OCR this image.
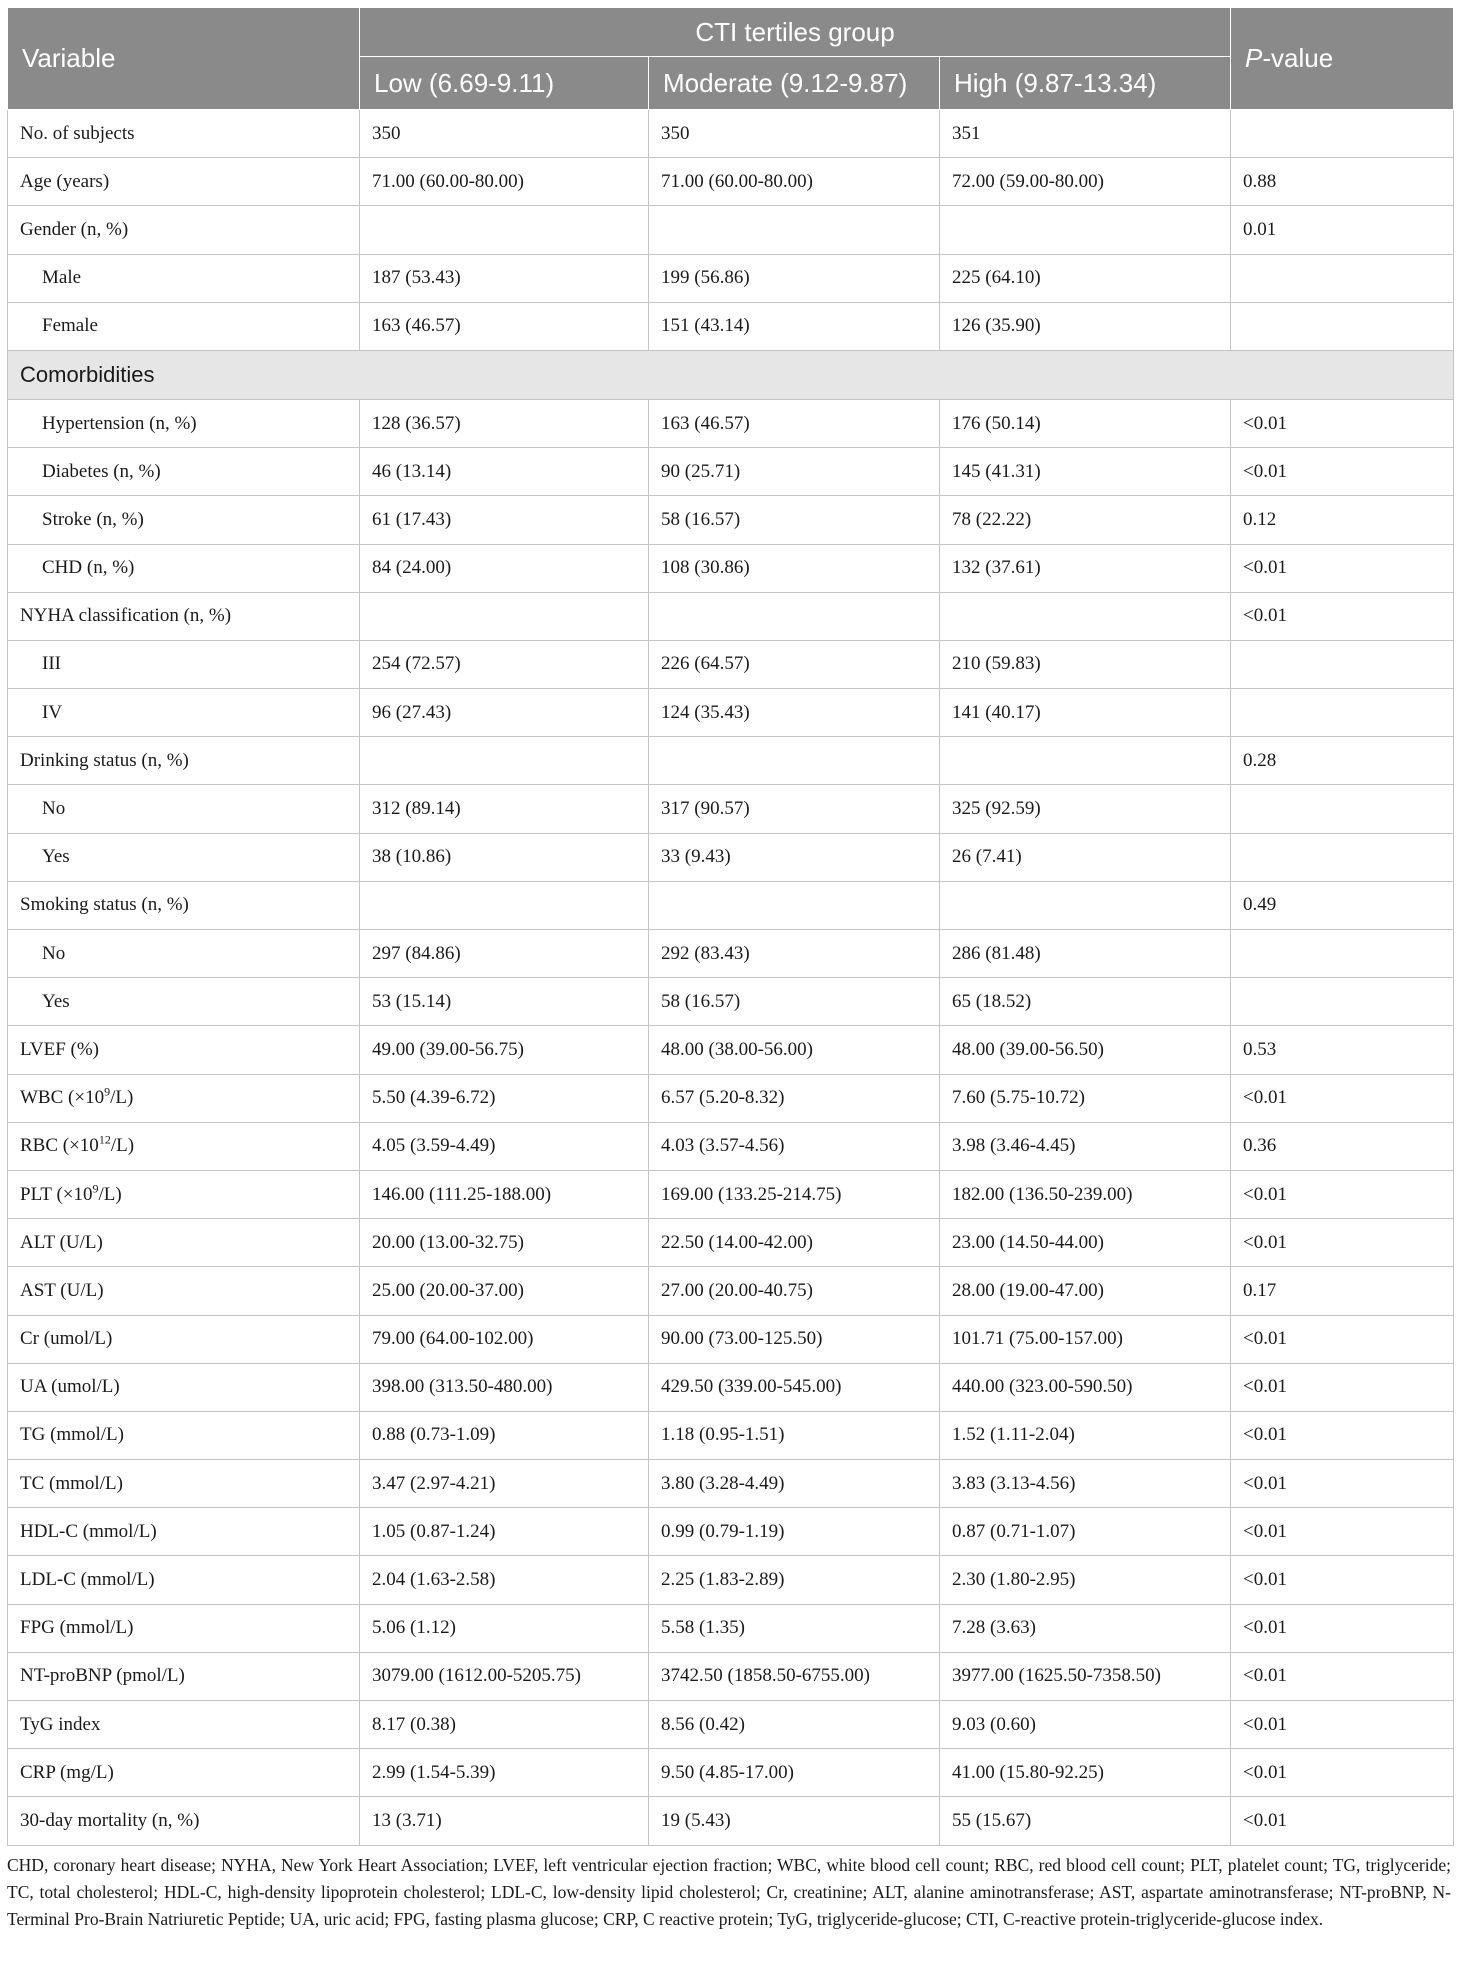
Variable	CTI tertiles group			P-value
	Low (6.69-9.11)	Moderate (9.12-9.87)	High (9.87-13.34)	
No. of subjects	350	350	351	
Age (years)	71.00 (60.00-80.00)	71.00 (60.00-80.00)	72.00 (59.00-80.00)	0.88
Gender (n, %)				0.01
Male	187 (53.43)	199 (56.86)	225 (64.10)	
Female	163 (46.57)	151 (43.14)	126 (35.90)	
Comorbidities				
Hypertension (n, %)	128 (36.57)	163 (46.57)	176 (50.14)	<0.01
Diabetes (n, %)	46 (13.14)	90 (25.71)	145 (41.31)	<0.01
Stroke (n, %)	61 (17.43)	58 (16.57)	78 (22.22)	0.12
CHD (n, %)	84 (24.00)	108 (30.86)	132 (37.61)	<0.01
NYHA classification (n, %)				<0.01
III	254 (72.57)	226 (64.57)	210 (59.83)	
IV	96 (27.43)	124 (35.43)	141 (40.17)	
Drinking status (n, %)				0.28
No	312 (89.14)	317 (90.57)	325 (92.59)	
Yes	38 (10.86)	33 (9.43)	26 (7.41)	
Smoking status (n, %)				0.49
No	297 (84.86)	292 (83.43)	286 (81.48)	
Yes	53 (15.14)	58 (16.57)	65 (18.52)	
LVEF (%)	49.00 (39.00-56.75)	48.00 (38.00-56.00)	48.00 (39.00-56.50)	0.53
WBC $(\times 10^9/L)$	5.50 (4.39-6.72)	6.57 (5.20-8.32)	7.60 (5.75-10.72)	<0.01
RBC $(\times 10^{12}/L)$	4.05 (3.59-4.49)	4.03 (3.57-4.56)	3.98 (3.46-4.45)	0.36
PLT $(\times 10^9/L)$	146.00 (111.25-188.00)	169.00 (133.25-214.75)	182.00 (136.50-239.00)	<0.01
ALT (U/L)	20.00 (13.00-32.75)	22.50 (14.00-42.00)	23.00 (14.50-44.00)	<0.01
AST (U/L)	25.00 (20.00-37.00)	27.00 (20.00-40.75)	28.00 (19.00-47.00)	0.17
Cr (umol/L)	79.00 (64.00-102.00)	90.00 (73.00-125.50)	101.71 (75.00-157.00)	<0.01
UA (umol/L)	398.00 (313.50-480.00)	429.50 (339.00-545.00)	440.00 (323.00-590.50)	<0.01
TG (mmol/L)	0.88 (0.73-1.09)	1.18 (0.95-1.51)	1.52 (1.11-2.04)	<0.01
TC (mmol/L)	3.47 (2.97-4.21)	3.80 (3.28-4.49)	3.83 (3.13-4.56)	<0.01
HDL-C (mmol/L)	1.05 (0.87-1.24)	0.99 (0.79-1.19)	0.87 (0.71-1.07)	<0.01
LDL-C (mmol/L)	2.04 (1.63-2.58)	2.25 (1.83-2.89)	2.30 (1.80-2.95)	<0.01
FPG (mmol/L)	5.06 (1.12)	5.58 (1.35)	7.28 (3.63)	<0.01
NT-proBNP (pmol/L)	3079.00 (1612.00-5205.75)	3742.50 (1858.50-6755.00)	3977.00 (1625.50-7358.50)	<0.01
TyG index	8.17 (0.38)	8.56 (0.42)	9.03 (0.60)	<0.01
CRP (mg/L)	2.99 (1.54-5.39)	9.50 (4.85-17.00)	41.00 (15.80-92.25)	<0.01
30-day mortality (n, %)	13 (3.71)	19 (5.43)	55 (15.67)	<0.01
CHD, coronary heart disease; NYHA, New York Heart Association; LVEF, left ventricular ejection fraction; WBC, white blood cell count; RBC, red blood cell count; PLT, platelet count; TG, triglyceride; TC, total cholesterol; HDL-C, high-density lipoprotein cholesterol; LDL-C, low-density lipid cholesterol; Cr, creatinine; ALT, alanine aminotransferase; AST, aspartate aminotransferase; NT-proBNP, N-Terminal Pro-Brain Natriuretic Peptide; UA, uric acid; FPG, fasting plasma glucose; CRP, C reactive protein; TyG, triglyceride-glucose; CTI, C-reactive protein-triglyceride-glucose index.
